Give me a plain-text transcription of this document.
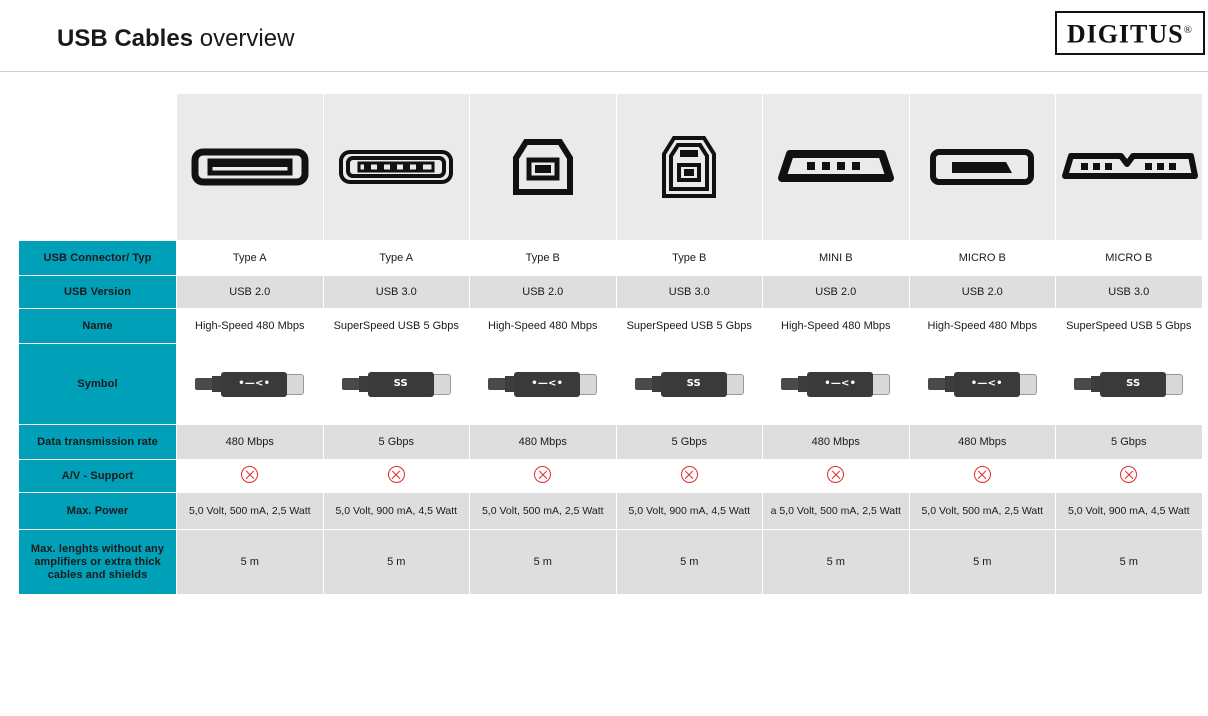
USB Cables overview	DIGITUS®

USB Connector/ Typ	Type A	Type A	Type B	Type B	MINI B	MICRO B	MICRO B
USB Version	USB 2.0	USB 3.0	USB 2.0	USB 3.0	USB 2.0	USB 2.0	USB 3.0
Name	High-Speed 480 Mbps	SuperSpeed USB 5 Gbps	High-Speed 480 Mbps	SuperSpeed USB 5 Gbps	High-Speed 480 Mbps	High-Speed 480 Mbps	SuperSpeed USB 5 Gbps
Symbol	•—<•	SS	•—<•	SS	•—<•	•—<•	SS

Data transmission rate	480 Mbps	5 Gbps	480 Mbps	5 Gbps	480 Mbps	480 Mbps	5 Gbps
A/V - Support							
Max. Power	5,0 Volt, 500 mA, 2,5 Watt	5,0 Volt, 900 mA, 4,5 Watt	5,0 Volt, 500 mA, 2,5 Watt	5,0 Volt, 900 mA, 4,5 Watt	a 5,0 Volt, 500 mA, 2,5 Watt	5,0 Volt, 500 mA, 2,5 Watt	5,0 Volt, 900 mA, 4,5 Watt
Max. lenghts without any amplifiers or extra thick cables and shields	5 m	5 m	5 m	5 m	5 m	5 m	5 m
